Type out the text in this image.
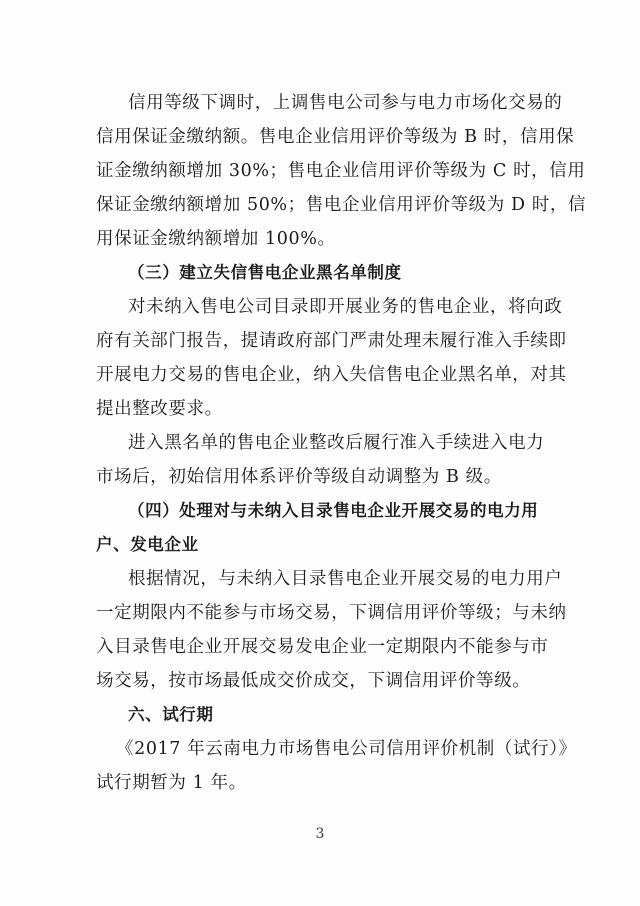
信用等级下调时，上调售电公司参与电力市场化交易的
信用保证金缴纳额。售电企业信用评价等级为 B 时，信用保
证金缴纳额增加 30%；售电企业信用评价等级为 C 时，信用
保证金缴纳额增加 50%；售电企业信用评价等级为 D 时，信
用保证金缴纳额增加 100%。
（三）建立失信售电企业黑名单制度
对未纳入售电公司目录即开展业务的售电企业，将向政
府有关部门报告，提请政府部门严肃处理未履行准入手续即
开展电力交易的售电企业，纳入失信售电企业黑名单，对其
提出整改要求。
进入黑名单的售电企业整改后履行准入手续进入电力
市场后，初始信用体系评价等级自动调整为 B 级。
（四）处理对与未纳入目录售电企业开展交易的电力用
户、发电企业
根据情况，与未纳入目录售电企业开展交易的电力用户
一定期限内不能参与市场交易，下调信用评价等级；与未纳
入目录售电企业开展交易发电企业一定期限内不能参与市
场交易，按市场最低成交价成交，下调信用评价等级。
六、试行期
《2017 年云南电力市场售电公司信用评价机制（试行）》
试行期暂为 1 年。
3
